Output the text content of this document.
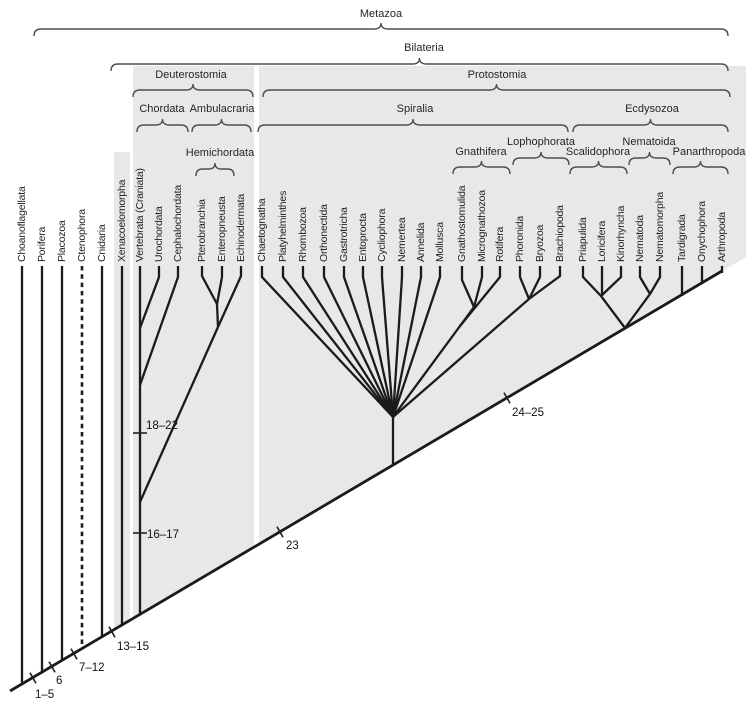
1–5
6
7–12
13–15
16–17
18–22
23
24–25
Choanoflagellata Porifera Placozoa Ctenophora Cnidaria Xenacoelomorpha Vertebrata (Craniata) Urochordata Cephalochordata Pterobranchia Enteropneusta Echinodermata Chaetognatha Platyhelminthes Rhombozoa Orthonectida Gastrotricha Entoprocta Cycliophora Nemertea Annelida Mollusca Gnathostomulida Micrognathozoa Rotifera Phoronida Bryozoa Brachiopoda Priapulida Loricifera Kinorhyncha Nematoda Nematomorpha Tardigrada Onychophora Arthropoda
Metazoa
Bilateria
Deuterostomia	Protostomia
Chordata Ambulacraria	Spiralia	Ecdysozoa
Hemichordata	Gnathifera
Lophophorata
Scalidophora
Nematoida
Panarthropoda
